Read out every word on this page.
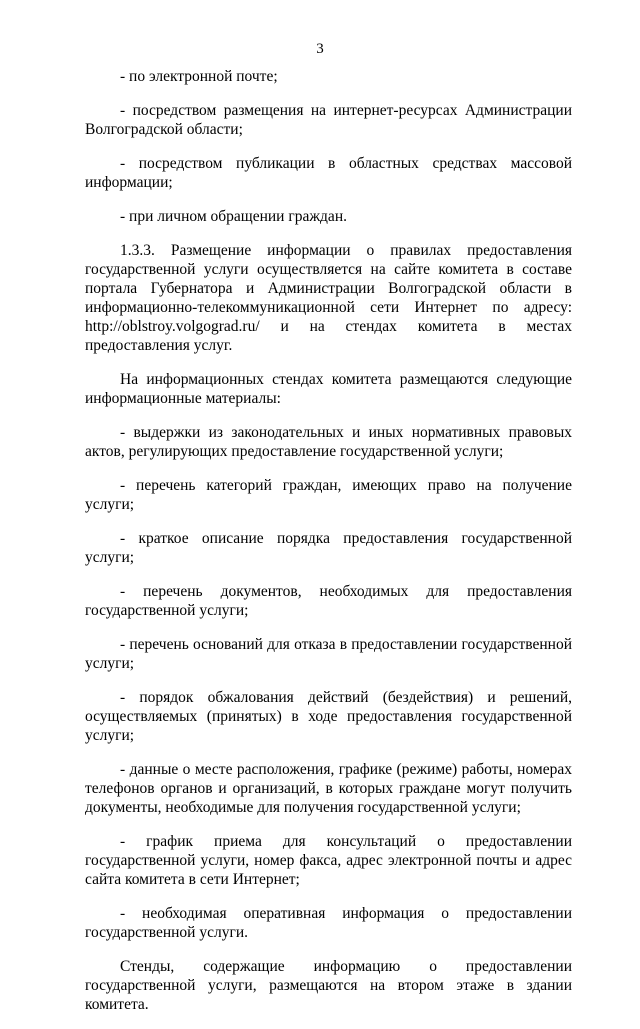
3

- по электронной почте;

- посредством размещения на интернет-ресурсах Администрации Волгоградской области;

- посредством публикации в областных средствах массовой информации;

- при личном обращении граждан.

1.3.3. Размещение информации о правилах предоставления государственной услуги осуществляется на сайте комитета в составе портала Губернатора и Администрации Волгоградской области в информационно-телекоммуникационной сети Интернет по адресу: http://oblstroy.volgograd.ru/ и на стендах комитета в местах предоставления услуг.

На информационных стендах комитета размещаются следующие информационные материалы:

- выдержки из законодательных и иных нормативных правовых актов, регулирующих предоставление государственной услуги;

- перечень категорий граждан, имеющих право на получение услуги;

- краткое описание порядка предоставления государственной услуги;

- перечень документов, необходимых для предоставления государственной услуги;

- перечень оснований для отказа в предоставлении государственной услуги;

- порядок обжалования действий (бездействия) и решений, осуществляемых (принятых) в ходе предоставления государственной услуги;

- данные о месте расположения, графике (режиме) работы, номерах телефонов органов и организаций, в которых граждане могут получить документы, необходимые для получения государственной услуги;

- график приема для консультаций о предоставлении государственной услуги, номер факса, адрес электронной почты и адрес сайта комитета в сети Интернет;

- необходимая оперативная информация о предоставлении государственной услуги.

Стенды, содержащие информацию о предоставлении государственной услуги, размещаются на втором этаже в здании комитета.
